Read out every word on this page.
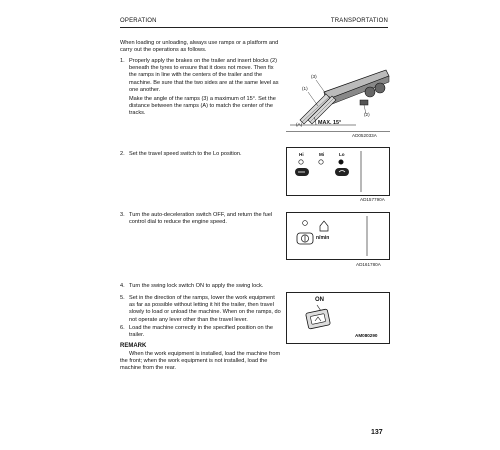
OPERATION	TRANSPORTATION
When loading or unloading, always use ramps or a platform and carry out the operations as follows.
1. Properly apply the brakes on the trailer and insert blocks (2) beneath the tyres to ensure that it does not move. Then fix the ramps in line with the centers of the trailer and the machine. Be sure that the two sides are at the same level as one another.
Make the angle of the ramps (3) a maximum of 15°. Set the distance between the ramps (A) to match the center of the tracks.
(3)
(1)
(2)
(A)	MAX. 15°
AD052033A
2. Set the travel speed switch to the Lo position.	Hi	Mi	Lo
AD157790A
3. Turn the auto-deceleration switch OFF, and return the fuel control dial to reduce the engine speed.
n/min
AD161780A
4. Turn the swing lock switch ON to apply the swing lock.
5. Set in the direction of the ramps, lower the work equipment as far as possible without letting it hit the trailer, then travel slowly to load or unload the machine. When on the ramps, do not operate any lever other than the travel lever.
ON
AM080290
6. Load the machine correctly in the specified position on the trailer.
REMARK
When the work equipment is installed, load the machine from the front; when the work equipment is not installed, load the machine from the rear.
137
